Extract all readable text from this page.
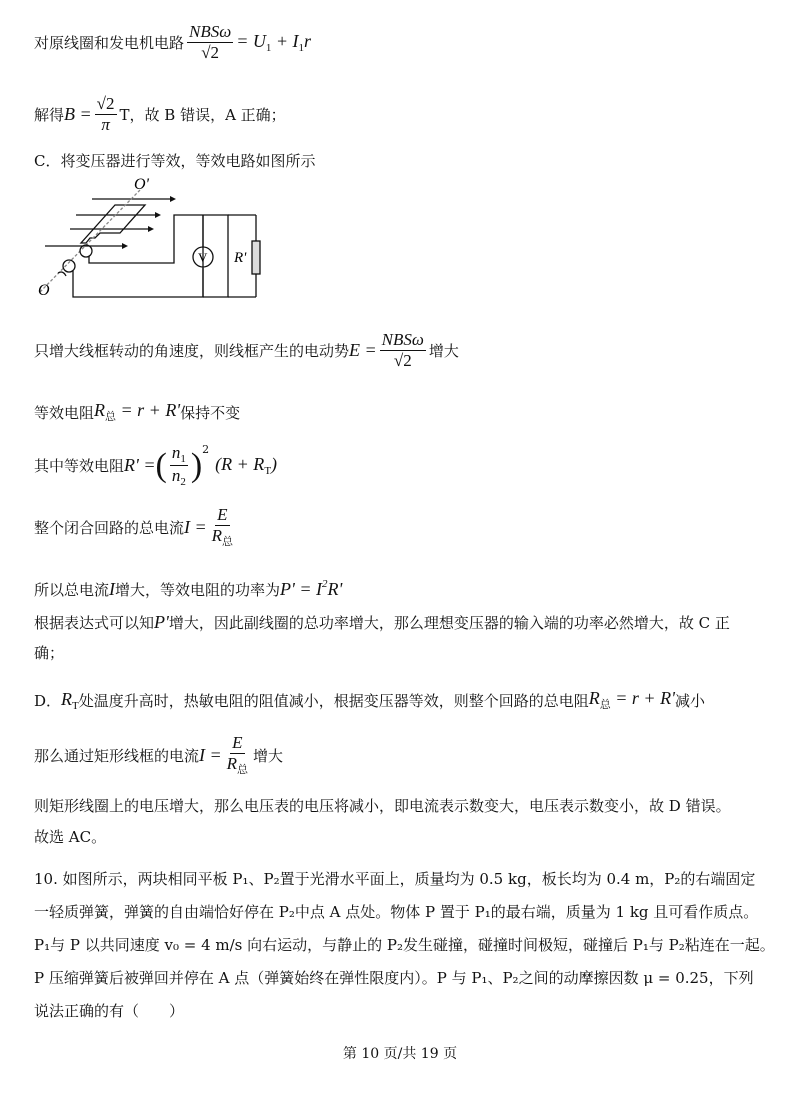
对原线圈和发电机电路 $\frac{\text{NBSω}}{√2} = U_1 + I_1r$
解得 $B = \frac{√2}{\pi}$ T，故 B 错误，A 正确；
C．将变压器进行等效，等效电路如图所示
O'
O
V R'
只增大线框转动的角速度，则线框产生的电动势 $E = \frac{\text{NBSω}}{√2}$ 增大
等效电阻 $R_总 = r + R'$ 保持不变
其中等效电阻 R' = ( $\frac{n_1}{n_2}$ ) 2
$(R + R_T)$
整个闭合回路的总电流 $I = \frac{E}{R_总}$
所以总电流 I 增大，等效电阻的功率为 $P' = I^2R'$
根据表达式可以知 P' 增大，因此副线圈的总功率增大，那么理想变压器的输入端的功率必然增大，故 C 正
确；
D． $R_T$ 处温度升高时，热敏电阻的阻值减小，根据变压器等效，则整个回路的总电阻 $R_总 = r + R'$ 减小
那么通过矩形线框的电流 $I = \frac{E}{R_总}$ 增大
则矩形线圈上的电压增大，那么电压表的电压将减小，即电流表示数变大，电压表示数变小，故 D 错误。
故选 AC。
10. 如图所示，两块相同平板 P₁、P₂置于光滑水平面上，质量均为 0.5 kg，板长均为 0.4 m，P₂的右端固定
一轻质弹簧，弹簧的自由端恰好停在 P₂中点 A 点处。物体 P 置于 P₁的最右端，质量为 1 kg 且可看作质点。
P₁与 P 以共同速度 v₀ = 4 m/s 向右运动，与静止的 P₂发生碰撞，碰撞时间极短，碰撞后 P₁与 P₂粘连在一起。
P 压缩弹簧后被弹回并停在 A 点（弹簧始终在弹性限度内）。P 与 P₁、P₂之间的动摩擦因数 μ = 0.25，下列
说法正确的有（　　）
第 10 页/共 19 页
